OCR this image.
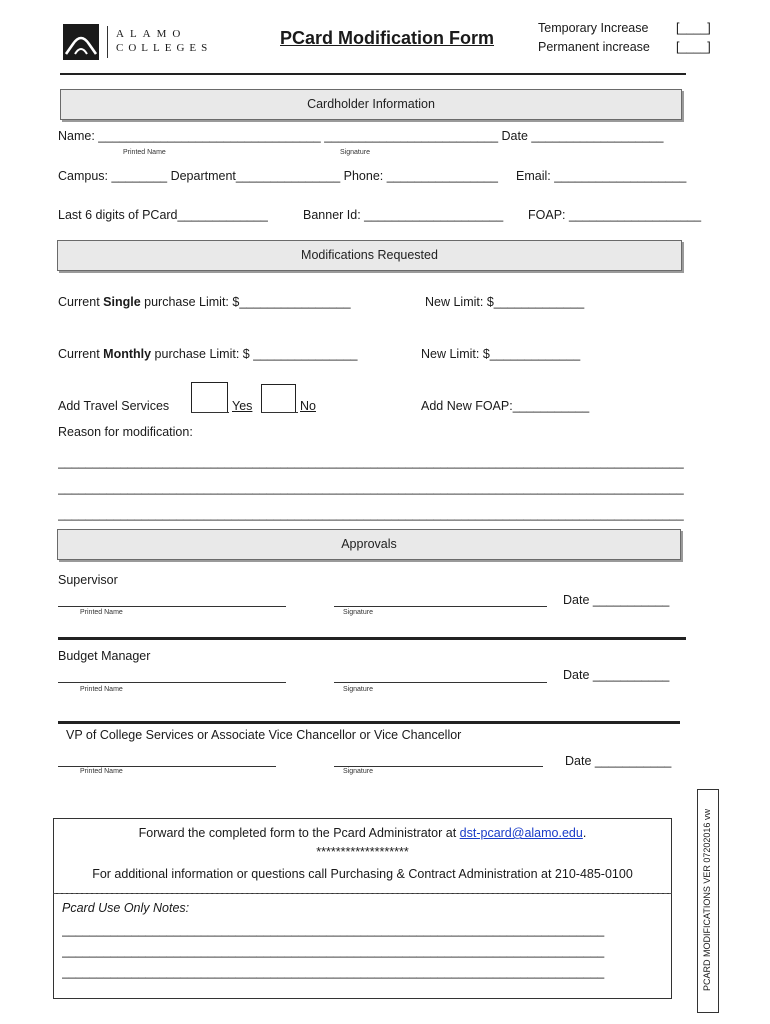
ALAMO
COLLEGES	PCard Modification Form	Temporary Increase [____]
Permanent increase [____]
Cardholder Information
Name: ________________________________ _________________________ Date ___________________
Printed Name	Signature
Campus: ________ Department_______________ Phone: ________________ Email: ___________________
Last 6 digits of PCard_____________	Banner Id: ____________________ FOAP: ___________________
Modifications Requested
Current Single purchase Limit: $________________	New Limit: $_____________
Current Monthly purchase Limit: $ _______________	New Limit: $_____________
Add Travel Services	Yes	No	Add New FOAP:___________
Reason for modification:
__________________________________________________________________________________________
__________________________________________________________________________________________
__________________________________________________________________________________________
Approvals
Supervisor
Date ___________
Printed Name	Signature
Budget Manager
Date ___________
Printed Name	Signature
VP of College Services or Associate Vice Chancellor or Vice Chancellor
Date ___________
Printed Name	Signature
Forward the completed form to the Pcard Administrator at dst-pcard@alamo.edu.
*******************
For additional information or questions call Purchasing & Contract Administration at 210-485-0100
Pcard Use Only Notes:
______________________________________________________________________________
______________________________________________________________________________
______________________________________________________________________________	PCARD MODIFICATIONS VER 07202016 vw
